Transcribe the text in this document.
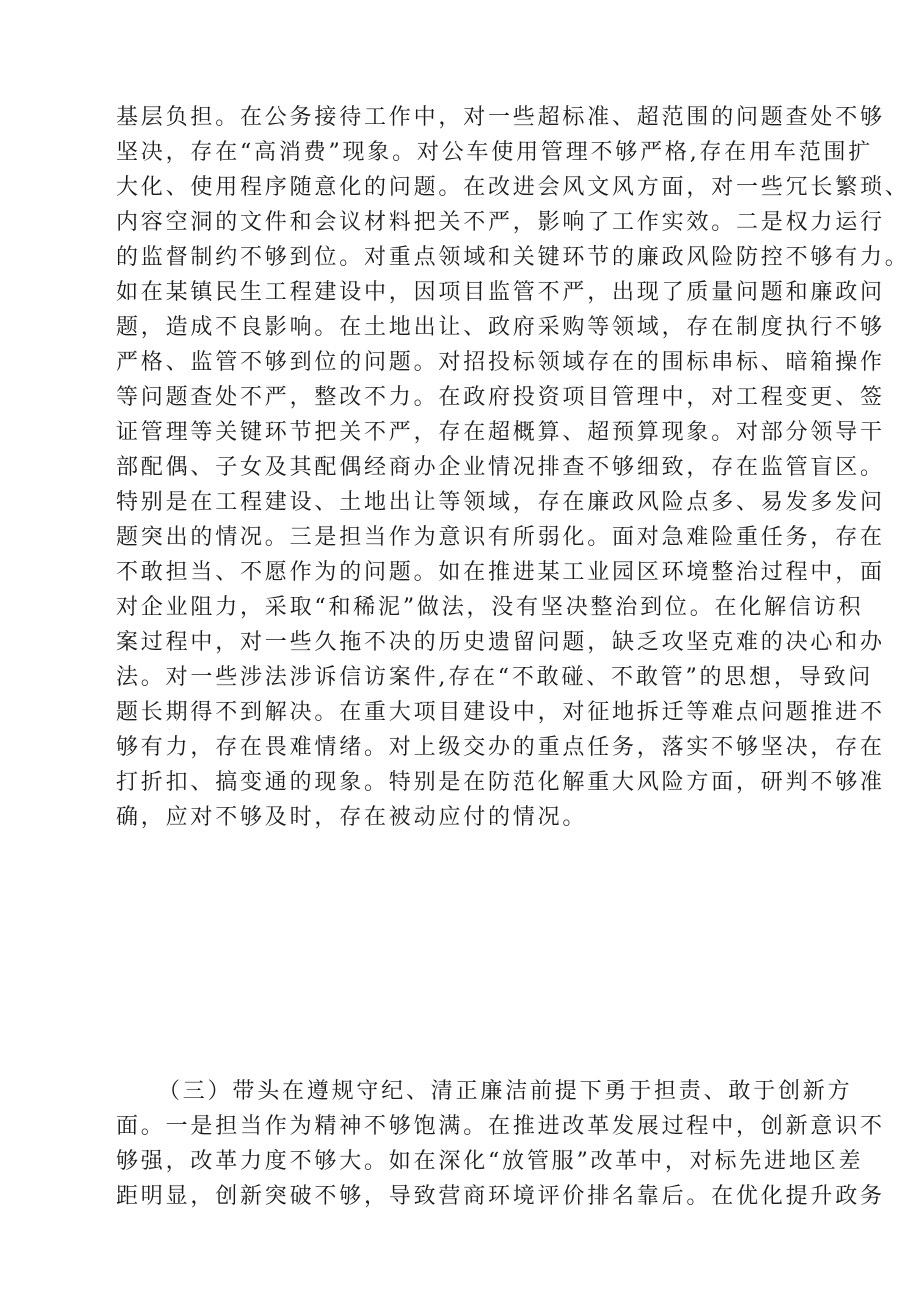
基层负担。在公务接待工作中，对一些超标准、超范围的问题查处不够
坚决，存在“高消费”现象。对公车使用管理不够严格,存在用车范围扩
大化、使用程序随意化的问题。在改进会风文风方面，对一些冗长繁琐、
内容空洞的文件和会议材料把关不严，影响了工作实效。二是权力运行
的监督制约不够到位。对重点领域和关键环节的廉政风险防控不够有力。
如在某镇民生工程建设中，因项目监管不严，出现了质量问题和廉政问
题，造成不良影响。在土地出让、政府采购等领域，存在制度执行不够
严格、监管不够到位的问题。对招投标领域存在的围标串标、暗箱操作
等问题查处不严，整改不力。在政府投资项目管理中，对工程变更、签
证管理等关键环节把关不严，存在超概算、超预算现象。对部分领导干
部配偶、子女及其配偶经商办企业情况排查不够细致，存在监管盲区。
特别是在工程建设、土地出让等领域，存在廉政风险点多、易发多发问
题突出的情况。三是担当作为意识有所弱化。面对急难险重任务，存在
不敢担当、不愿作为的问题。如在推进某工业园区环境整治过程中，面
对企业阻力，采取“和稀泥”做法，没有坚决整治到位。在化解信访积
案过程中，对一些久拖不决的历史遗留问题，缺乏攻坚克难的决心和办
法。对一些涉法涉诉信访案件,存在“不敢碰、不敢管”的思想，导致问
题长期得不到解决。在重大项目建设中，对征地拆迁等难点问题推进不
够有力，存在畏难情绪。对上级交办的重点任务，落实不够坚决，存在
打折扣、搞变通的现象。特别是在防范化解重大风险方面，研判不够准
确，应对不够及时，存在被动应付的情况。
（三）带头在遵规守纪、清正廉洁前提下勇于担责、敢于创新方
面。一是担当作为精神不够饱满。在推进改革发展过程中，创新意识不
够强，改革力度不够大。如在深化“放管服”改革中，对标先进地区差
距明显，创新突破不够，导致营商环境评价排名靠后。在优化提升政务
